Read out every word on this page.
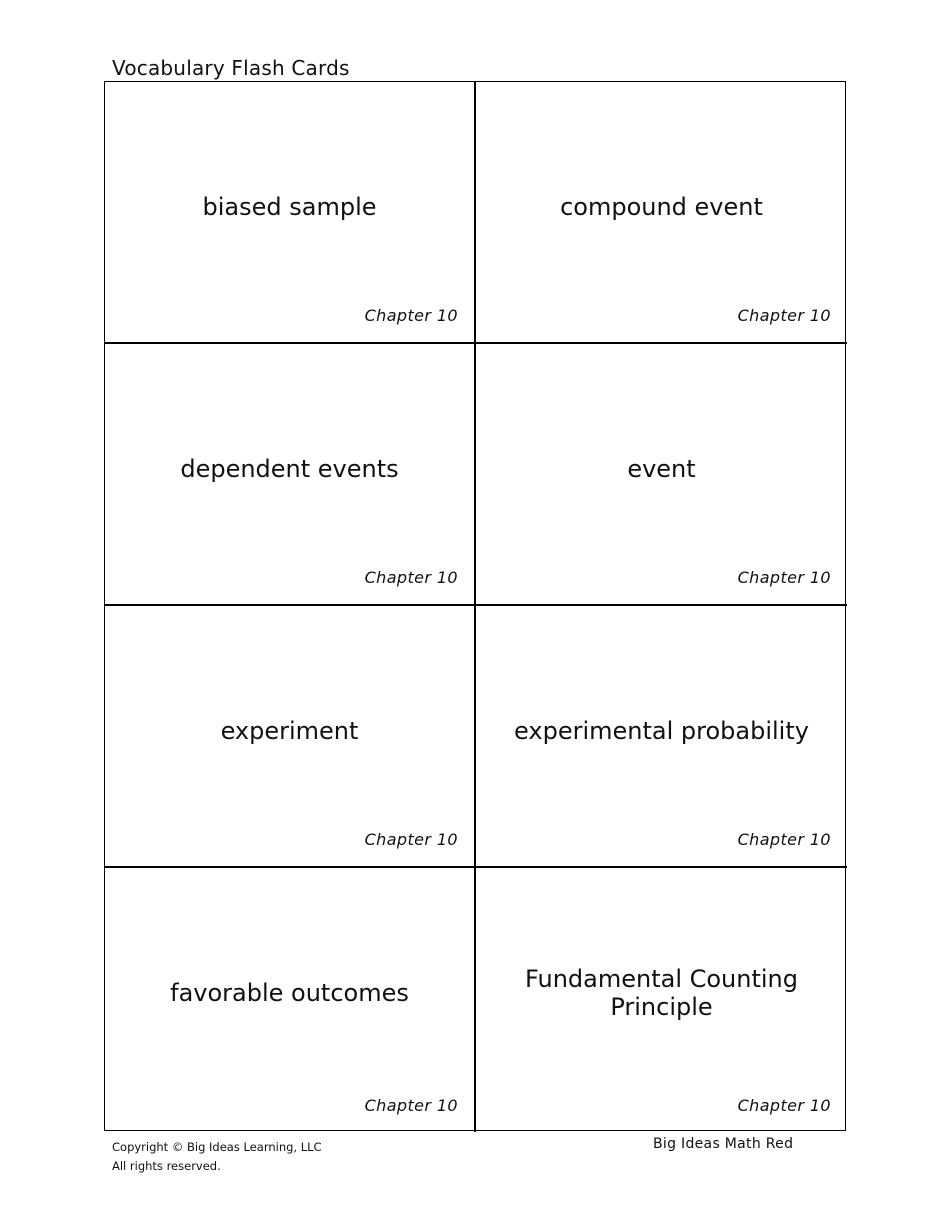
Vocabulary Flash Cards
biased sample
Chapter 10
compound event
Chapter 10
dependent events
Chapter 10
event
Chapter 10
experiment
Chapter 10
experimental probability
Chapter 10
favorable outcomes
Chapter 10
Fundamental Counting Principle
Chapter 10
Copyright © Big Ideas Learning, LLC
All rights reserved.
Big Ideas Math Red
